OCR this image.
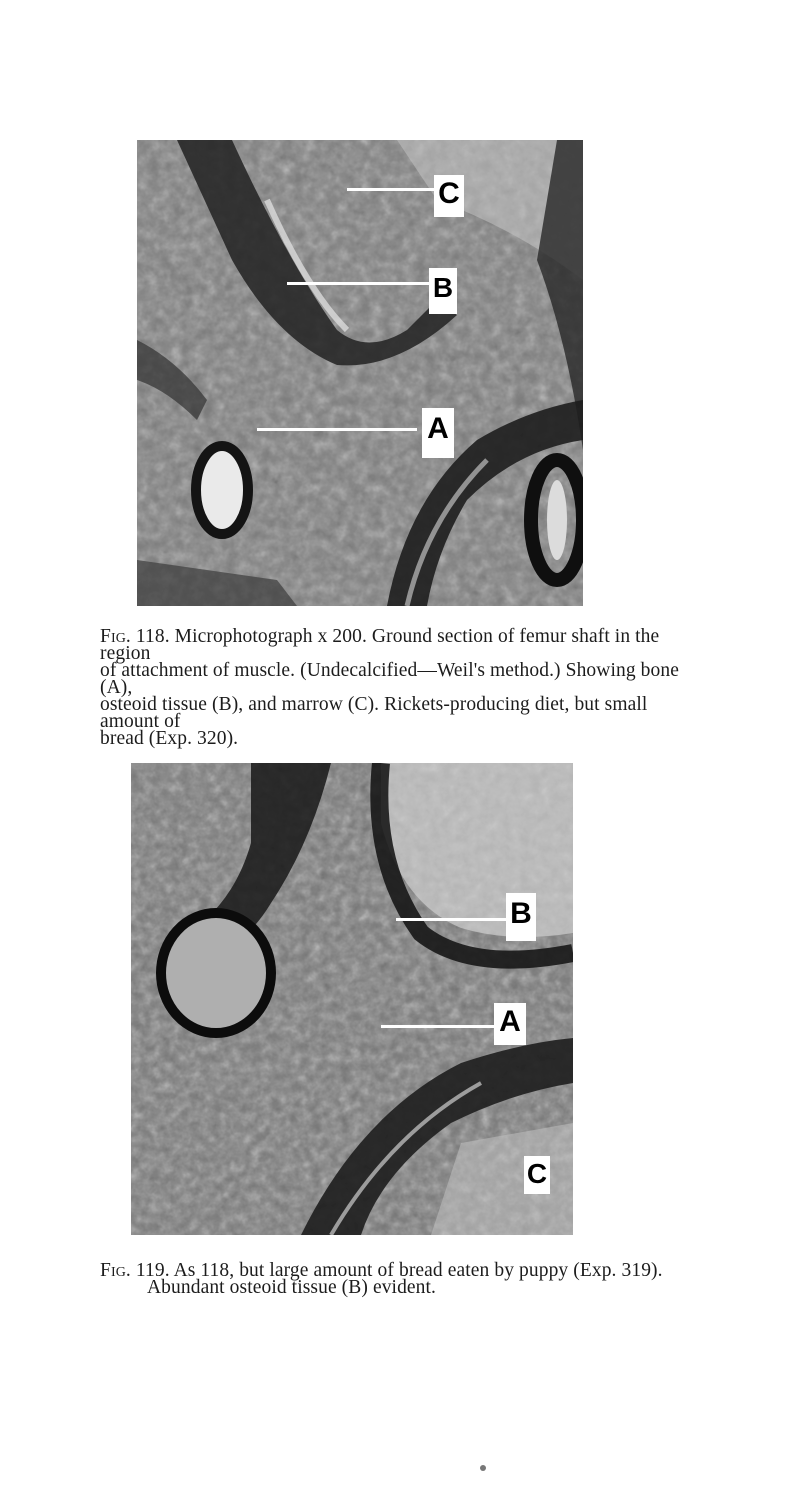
C
B
A

Fig. 118. Microphotograph x 200. Ground section of femur shaft in the region

of attachment of muscle. (Undecalcified—Weil's method.) Showing bone (A),

osteoid tissue (B), and marrow (C). Rickets-producing diet, but small amount of

bread (Exp. 320).

B
A
C

Fig. 119. As 118, but large amount of bread eaten by puppy (Exp. 319).

Abundant osteoid tissue (B) evident.
